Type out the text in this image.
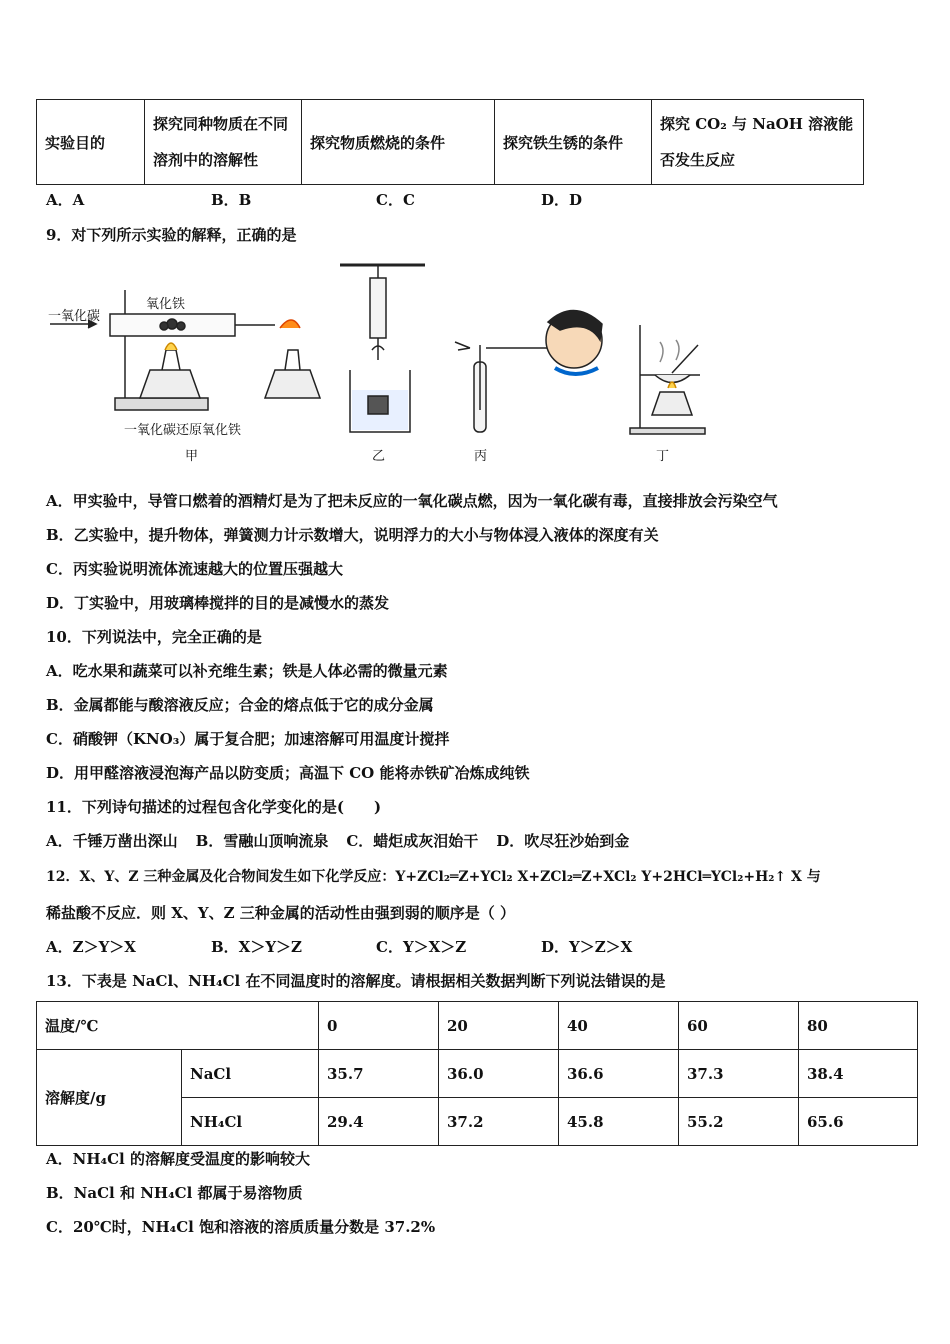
实验目的	探究同种物质在不同溶剂中的溶解性	探究物质燃烧的条件	探究铁生锈的条件	探究 CO₂ 与 NaOH 溶液能否发生反应
A．A	B．B	C．C	D．D
9．对下列所示实验的解释，正确的是
一氧化碳
氧化铁
一氧化碳还原氧化铁
甲	乙	丙	丁
A．甲实验中，导管口燃着的酒精灯是为了把未反应的一氧化碳点燃，因为一氧化碳有毒，直接排放会污染空气
B．乙实验中，提升物体，弹簧测力计示数增大，说明浮力的大小与物体浸入液体的深度有关
C．丙实验说明流体流速越大的位置压强越大
D．丁实验中，用玻璃棒搅拌的目的是减慢水的蒸发
10．下列说法中，完全正确的是
A．吃水果和蔬菜可以补充维生素；铁是人体必需的微量元素
B．金属都能与酸溶液反应；合金的熔点低于它的成分金属
C．硝酸钾（KNO₃）属于复合肥；加速溶解可用温度计搅拌
D．用甲醛溶液浸泡海产品以防变质；高温下 CO 能将赤铁矿冶炼成纯铁
11．下列诗句描述的过程包含化学变化的是(　　)
A．千锤万凿出深山 B．雪融山顶响流泉 C．蜡炬成灰泪始干 D．吹尽狂沙始到金
12．X、Y、Z 三种金属及化合物间发生如下化学反应：Y+ZCl₂═Z+YCl₂ X+ZCl₂═Z+XCl₂ Y+2HCl═YCl₂+H₂↑ X 与
稀盐酸不反应．则 X、Y、Z 三种金属的活动性由强到弱的顺序是（ ）
A．Z＞Y＞X	B．X＞Y＞Z	C．Y＞X＞Z	D．Y＞Z＞X
13．下表是 NaCl、NH₄Cl 在不同温度时的溶解度。请根据相关数据判断下列说法错误的是
温度/℃		0	20	40	60	80
溶解度/g	NaCl	35.7	36.0	36.6	37.3	38.4
	NH₄Cl	29.4	37.2	45.8	55.2	65.6
A．NH₄Cl 的溶解度受温度的影响较大
B．NaCl 和 NH₄Cl 都属于易溶物质
C．20℃时，NH₄Cl 饱和溶液的溶质质量分数是 37.2%
